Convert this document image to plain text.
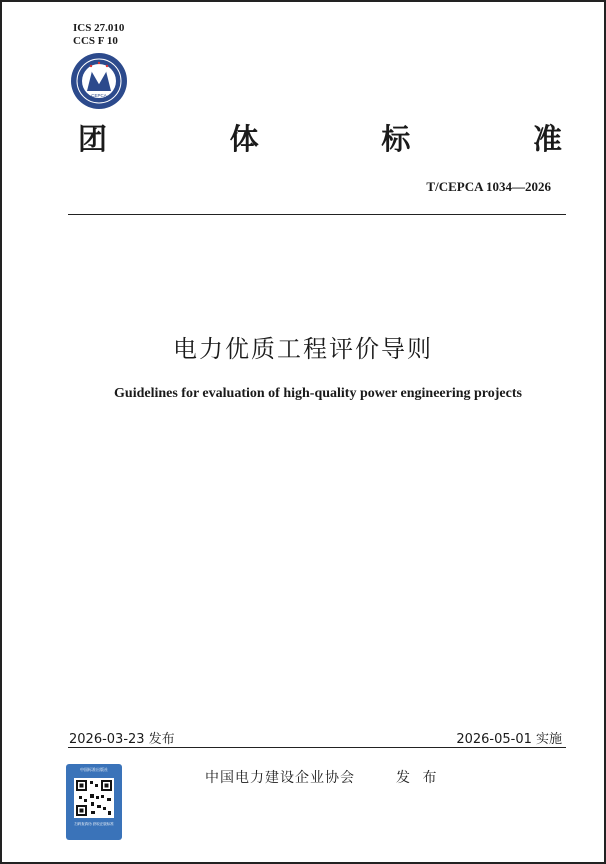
ICS 27.010
CCS F 10
CEPCA
团	体	标	准
T/CEPCA 1034—2026
电力优质工程评价导则
Guidelines for evaluation of high-quality power engineering projects
2026-03-23 发布	2026-05-01 实施
中国标准出版社
扫码查真伪 获取正版标准
中国电力建设企业协会	发 布
